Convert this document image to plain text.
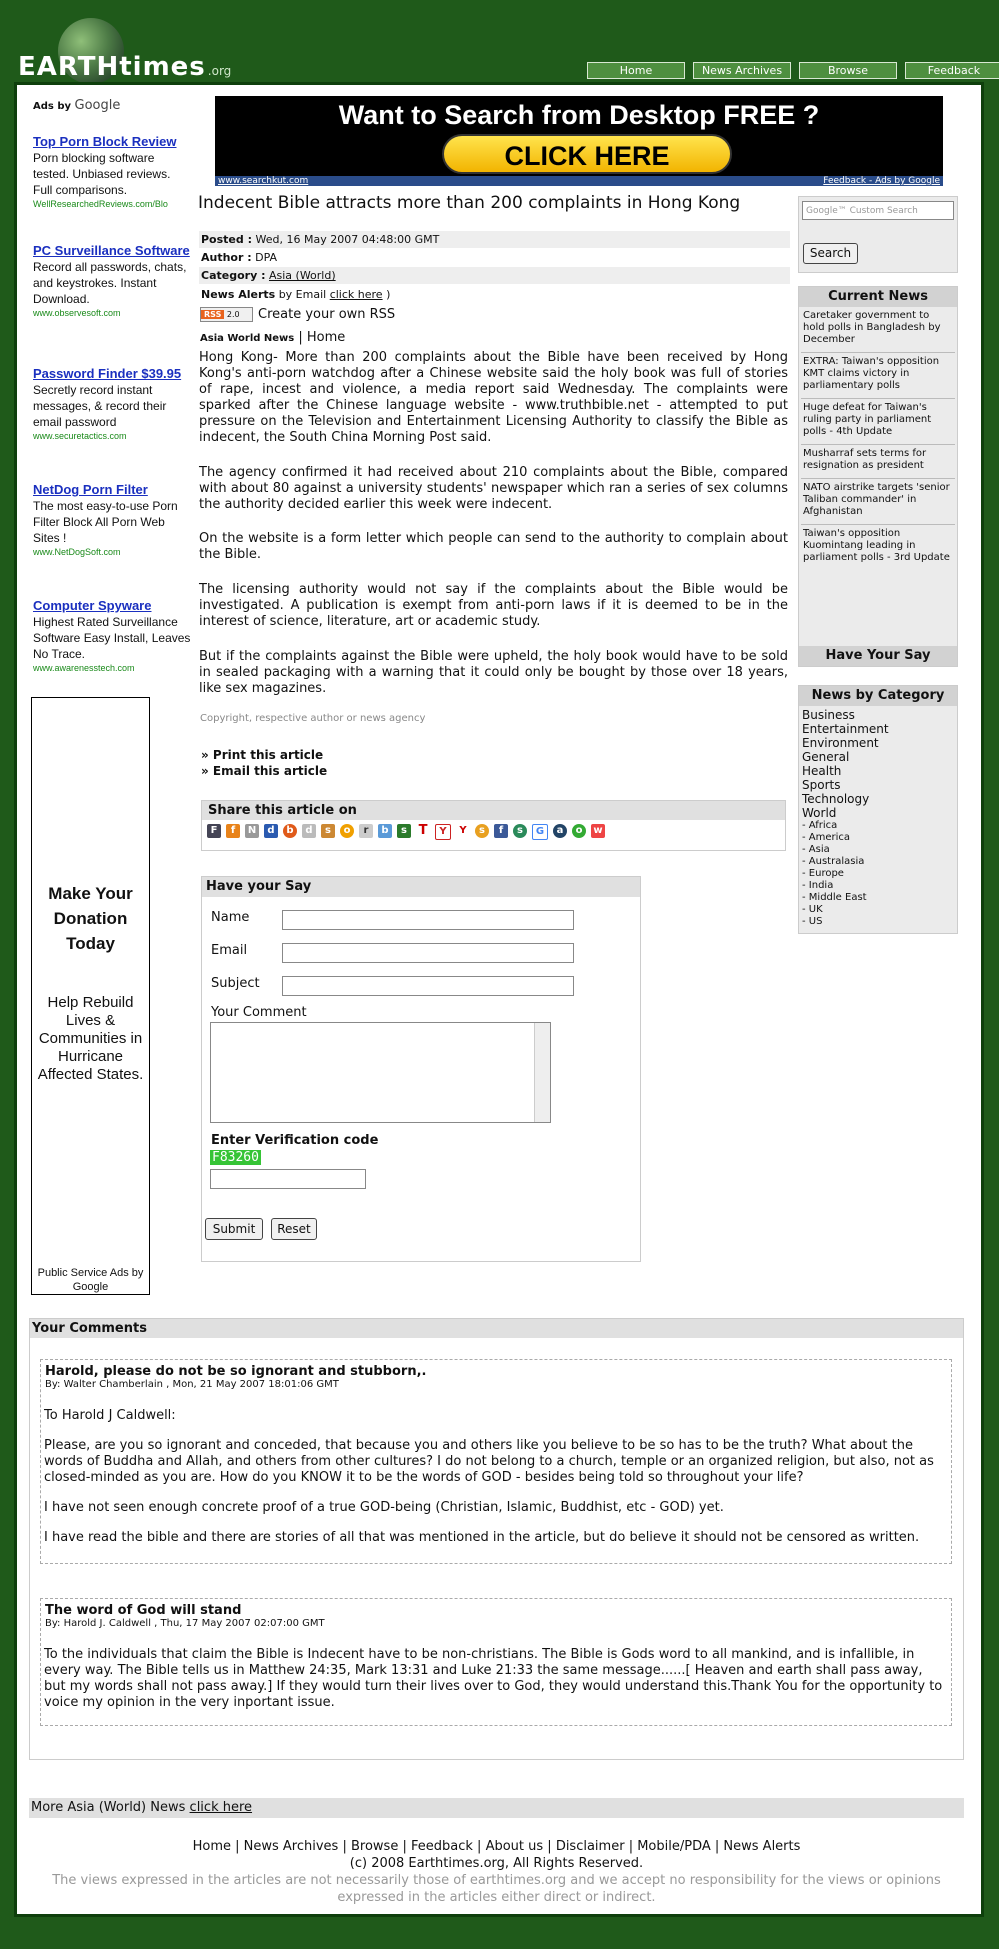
EARTHtimes .org	Home	News Archives	Browse	Feedback
Ads by Google
Top Porn Block Review
Porn blocking software tested. Unbiased reviews. Full comparisons.
WellResearchedReviews.com/Blo
PC Surveillance Software
Record all passwords, chats, and keystrokes. Instant Download.
www.observesoft.com
Password Finder $39.95
Secretly record instant messages, & record their email password
www.securetactics.com
NetDog Porn Filter
The most easy-to-use Porn Filter Block All Porn Web Sites !
www.NetDogSoft.com
Computer Spyware
Highest Rated Surveillance Software Easy Install, Leaves No Trace.
www.awarenesstech.com
Make Your Donation Today
Help Rebuild Lives & Communities in Hurricane Affected States.
Public Service Ads by Google
Want to Search from Desktop FREE ?
CLICK HERE
www.searchkut.com	Feedback - Ads by Google
Indecent Bible attracts more than 200 complaints in Hong Kong
Posted : Wed, 16 May 2007 04:48:00 GMT
Author : DPA
Category : Asia (World)
News Alerts by Email click here )
RSS 2.0 Create your own RSS
Asia World News | Home
Hong Kong- More than 200 complaints about the Bible have been received by Hong Kong's anti-porn watchdog after a Chinese website said the holy book was full of stories of rape, incest and violence, a media report said Wednesday. The complaints were sparked after the Chinese language website - www.truthbible.net - attempted to put pressure on the Television and Entertainment Licensing Authority to classify the Bible as indecent, the South China Morning Post said.
The agency confirmed it had received about 210 complaints about the Bible, compared with about 80 against a university students' newspaper which ran a series of sex columns the authority decided earlier this week were indecent.
On the website is a form letter which people can send to the authority to complain about the Bible.
The licensing authority would not say if the complaints about the Bible would be investigated. A publication is exempt from anti-porn laws if it is deemed to be in the interest of science, literature, art or academic study.
But if the complaints against the Bible were upheld, the holy book would have to be sold in sealed packaging with a warning that it could only be bought by those over 18 years, like sex magazines.
Copyright, respective author or news agency
» Print this article
» Email this article
Share this article on
F	f	N	d	b	d	s	o	r	b	s T	Y	Y	s	f	s	G	a	o	w
Have your Say
Name
Email
Subject
Your Comment
Enter Verification code
F83260
Submit	Reset
Google™ Custom Search
Search
Current News
Caretaker government to hold polls in Bangladesh by December
EXTRA: Taiwan's opposition KMT claims victory in parliamentary polls
Huge defeat for Taiwan's ruling party in parliament polls - 4th Update
Musharraf sets terms for resignation as president
NATO airstrike targets 'senior Taliban commander' in Afghanistan
Taiwan's opposition Kuomintang leading in parliament polls - 3rd Update
Have Your Say
News by Category
Business
Entertainment
Environment
General
Health
Sports
Technology
World
- Africa
- America
- Asia
- Australasia
- Europe
- India
- Middle East
- UK
- US
Your Comments
Harold, please do not be so ignorant and stubborn,.
By: Walter Chamberlain , Mon, 21 May 2007 18:01:06 GMT

To Harold J Caldwell:

Please, are you so ignorant and conceded, that because you and others like you believe to be so has to be the truth? What about the words of Buddha and Allah, and others from other cultures? I do not belong to a church, temple or an organized religion, but also, not as closed-minded as you are. How do you KNOW it to be the words of GOD - besides being told so throughout your life?

I have not seen enough concrete proof of a true GOD-being (Christian, Islamic, Buddhist, etc - GOD) yet.

I have read the bible and there are stories of all that was mentioned in the article, but do believe it should not be censored as written.

The word of God will stand
By: Harold J. Caldwell , Thu, 17 May 2007 02:07:00 GMT

To the individuals that claim the Bible is Indecent have to be non-christians. The Bible is Gods word to all mankind, and is infallible, in every way. The Bible tells us in Matthew 24:35, Mark 13:31 and Luke 21:33 the same message......[ Heaven and earth shall pass away, but my words shall not pass away.] If they would turn their lives over to God, they would understand this.Thank You for the opportunity to voice my opinion in the very inportant issue.

More Asia (World) News click here
Home | News Archives | Browse | Feedback | About us | Disclaimer | Mobile/PDA | News Alerts
(c) 2008 Earthtimes.org, All Rights Reserved.
The views expressed in the articles are not necessarily those of earthtimes.org and we accept no responsibility for the views or opinions expressed in the articles either direct or indirect.
